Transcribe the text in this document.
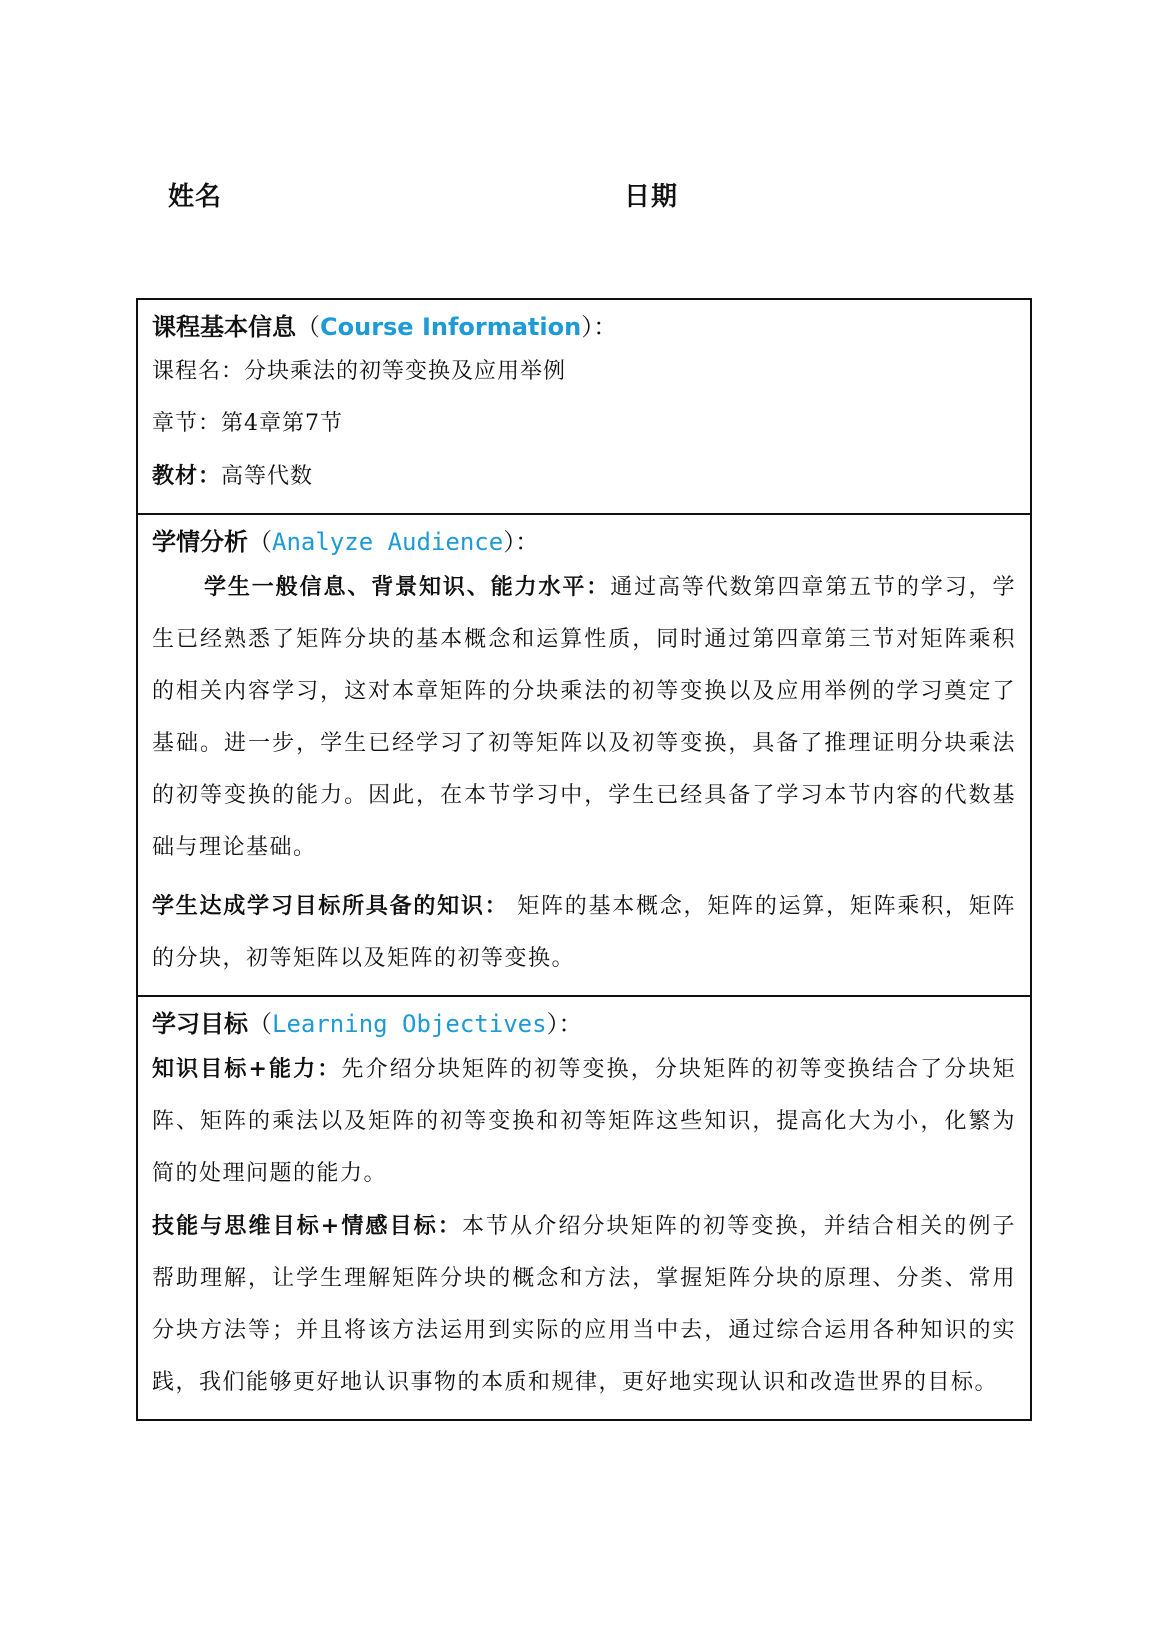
姓名	日期
课程基本信息（Course Information）：
课程名：分块乘法的初等变换及应用举例
章节：第4章第7节
教材：高等代数
学情分析（Analyze Audience）：
学生一般信息、背景知识、能力水平：通过高等代数第四章第五节的学习，学生已经熟悉了矩阵分块的基本概念和运算性质，同时通过第四章第三节对矩阵乘积的相关内容学习，这对本章矩阵的分块乘法的初等变换以及应用举例的学习奠定了基础。进一步，学生已经学习了初等矩阵以及初等变换，具备了推理证明分块乘法的初等变换的能力。因此，在本节学习中，学生已经具备了学习本节内容的代数基础与理论基础。
学生达成学习目标所具备的知识： 矩阵的基本概念，矩阵的运算，矩阵乘积，矩阵的分块，初等矩阵以及矩阵的初等变换。
学习目标（Learning Objectives）：
知识目标+能力：先介绍分块矩阵的初等变换，分块矩阵的初等变换结合了分块矩阵、矩阵的乘法以及矩阵的初等变换和初等矩阵这些知识，提高化大为小，化繁为简的处理问题的能力。
技能与思维目标+情感目标：本节从介绍分块矩阵的初等变换，并结合相关的例子帮助理解，让学生理解矩阵分块的概念和方法，掌握矩阵分块的原理、分类、常用分块方法等；并且将该方法运用到实际的应用当中去，通过综合运用各种知识的实践，我们能够更好地认识事物的本质和规律，更好地实现认识和改造世界的目标。
